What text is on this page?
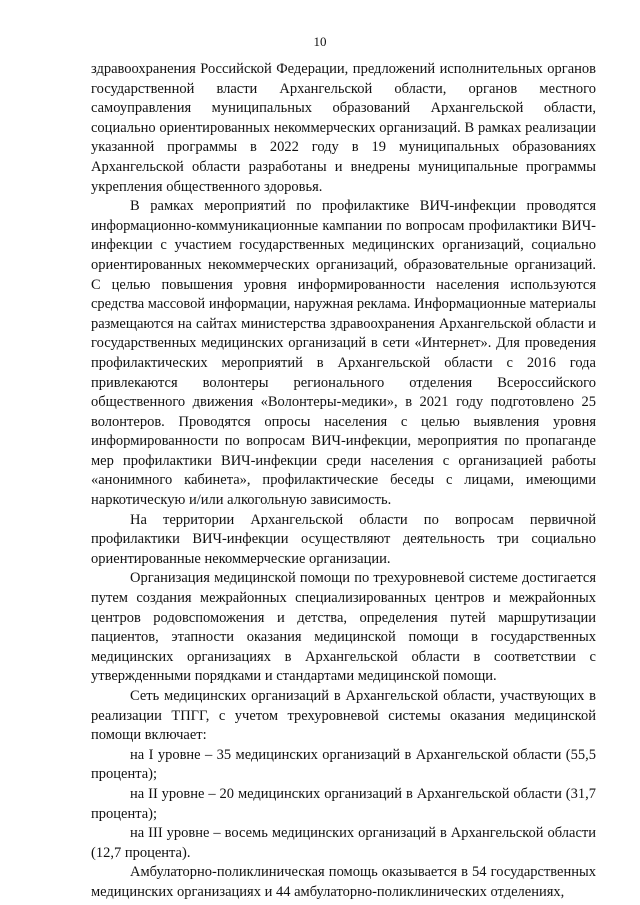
10

здравоохранения Российской Федерации, предложений исполнительных органов государственной власти Архангельской области, органов местного самоуправления муниципальных образований Архангельской области, социально ориентированных некоммерческих организаций. В рамках реализации указанной программы в 2022 году в 19 муниципальных образованиях Архангельской области разработаны и внедрены муниципальные программы укрепления общественного здоровья.

В рамках мероприятий по профилактике ВИЧ-инфекции проводятся информационно-коммуникационные кампании по вопросам профилактики ВИЧ-инфекции с участием государственных медицинских организаций, социально ориентированных некоммерческих организаций, образовательные организаций. С целью повышения уровня информированности населения используются средства массовой информации, наружная реклама. Информационные материалы размещаются на сайтах министерства здравоохранения Архангельской области и государственных медицинских организаций в сети «Интернет». Для проведения профилактических мероприятий в Архангельской области с 2016 года привлекаются волонтеры регионального отделения Всероссийского общественного движения «Волонтеры-медики», в 2021 году подготовлено 25 волонтеров. Проводятся опросы населения с целью выявления уровня информированности по вопросам ВИЧ-инфекции, мероприятия по пропаганде мер профилактики ВИЧ-инфекции среди населения с организацией работы «анонимного кабинета», профилактические беседы с лицами, имеющими наркотическую и/или алкогольную зависимость.

На территории Архангельской области по вопросам первичной профилактики ВИЧ-инфекции осуществляют деятельность три социально ориентированные некоммерческие организации.

Организация медицинской помощи по трехуровневой системе достигается путем создания межрайонных специализированных центров и межрайонных центров родовспоможения и детства, определения путей маршрутизации пациентов, этапности оказания медицинской помощи в государственных медицинских организациях в Архангельской области в соответствии с утвержденными порядками и стандартами медицинской помощи.

Сеть медицинских организаций в Архангельской области, участвующих в реализации ТПГГ, с учетом трехуровневой системы оказания медицинской помощи включает:

на I уровне – 35 медицинских организаций в Архангельской области (55,5 процента);

на II уровне – 20 медицинских организаций в Архангельской области (31,7 процента);

на III уровне – восемь медицинских организаций в Архангельской области (12,7 процента).

Амбулаторно-поликлиническая помощь оказывается в 54 государственных медицинских организациях и 44 амбулаторно-поликлинических отделениях,
